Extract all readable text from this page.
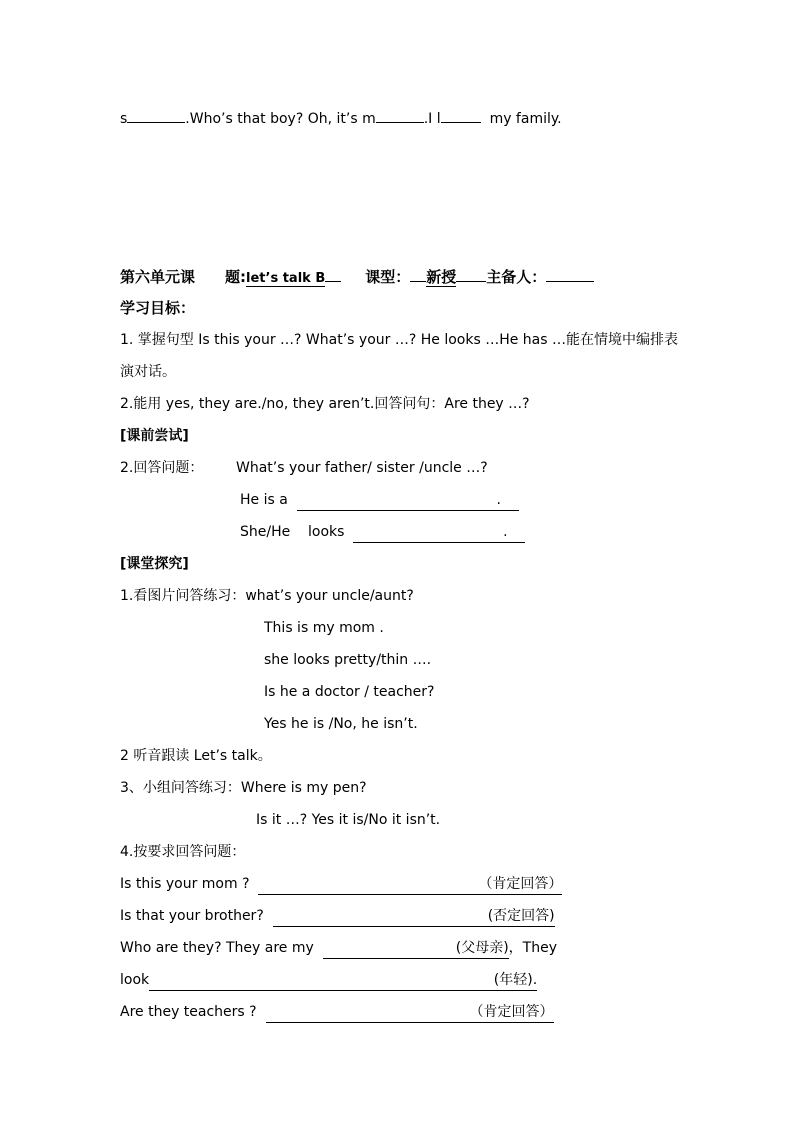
s	.Who’s that boy? Oh, it’s m	.I l	my family.
第六单元课 题:let’s talk B	课型： 新授 主备人：
学习目标：
1. 掌握句型 Is this your …? What’s your …? He looks …He has …能在情境中编排表
演对话。
2.能用 yes, they are./no, they aren’t.回答问句：Are they …?
[课前尝试]
2.回答问题： What’s your father/ sister /uncle …?
He is a	.
She/He    looks	.
[课堂探究]
1.看图片问答练习：what’s your uncle/aunt?
This is my mom .
she looks pretty/thin ….
Is he a doctor / teacher?
Yes he is /No, he isn’t.
2 听音跟读 Let’s talk。
3、小组问答练习：Where is my pen?
Is it …? Yes it is/No it isn’t.
4.按要求回答问题：
Is this your mom ?	（肯定回答）
Is that your brother?	(否定回答)
Who are they? They are my	(父母亲)，They
look	(年轻).
Are they teachers ?	（肯定回答）
